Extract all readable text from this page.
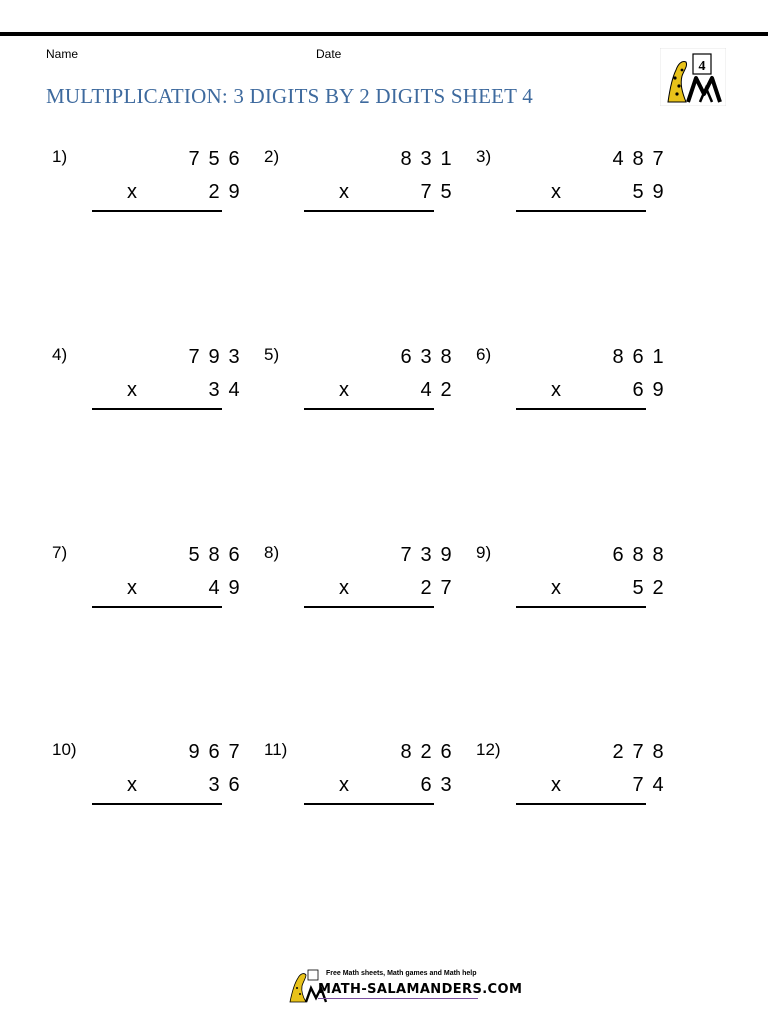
Name	Date
MULTIPLICATION: 3 DIGITS BY 2 DIGITS SHEET 4
4
1)	7 5 6
x	2 9
2)	8 3 1
x	7 5
3)	4 8 7
x	5 9
4)	7 9 3
x	3 4
5)	6 3 8
x	4 2
6)	8 6 1
x	6 9
7)	5 8 6
x	4 9
8)	7 3 9
x	2 7
9)	6 8 8
x	5 2
10)	9 6 7
x	3 6
11)	8 2 6
x	6 3
12)	2 7 8
x	7 4
Free Math sheets, Math games and Math help
MATH-SALAMANDERS.COM
